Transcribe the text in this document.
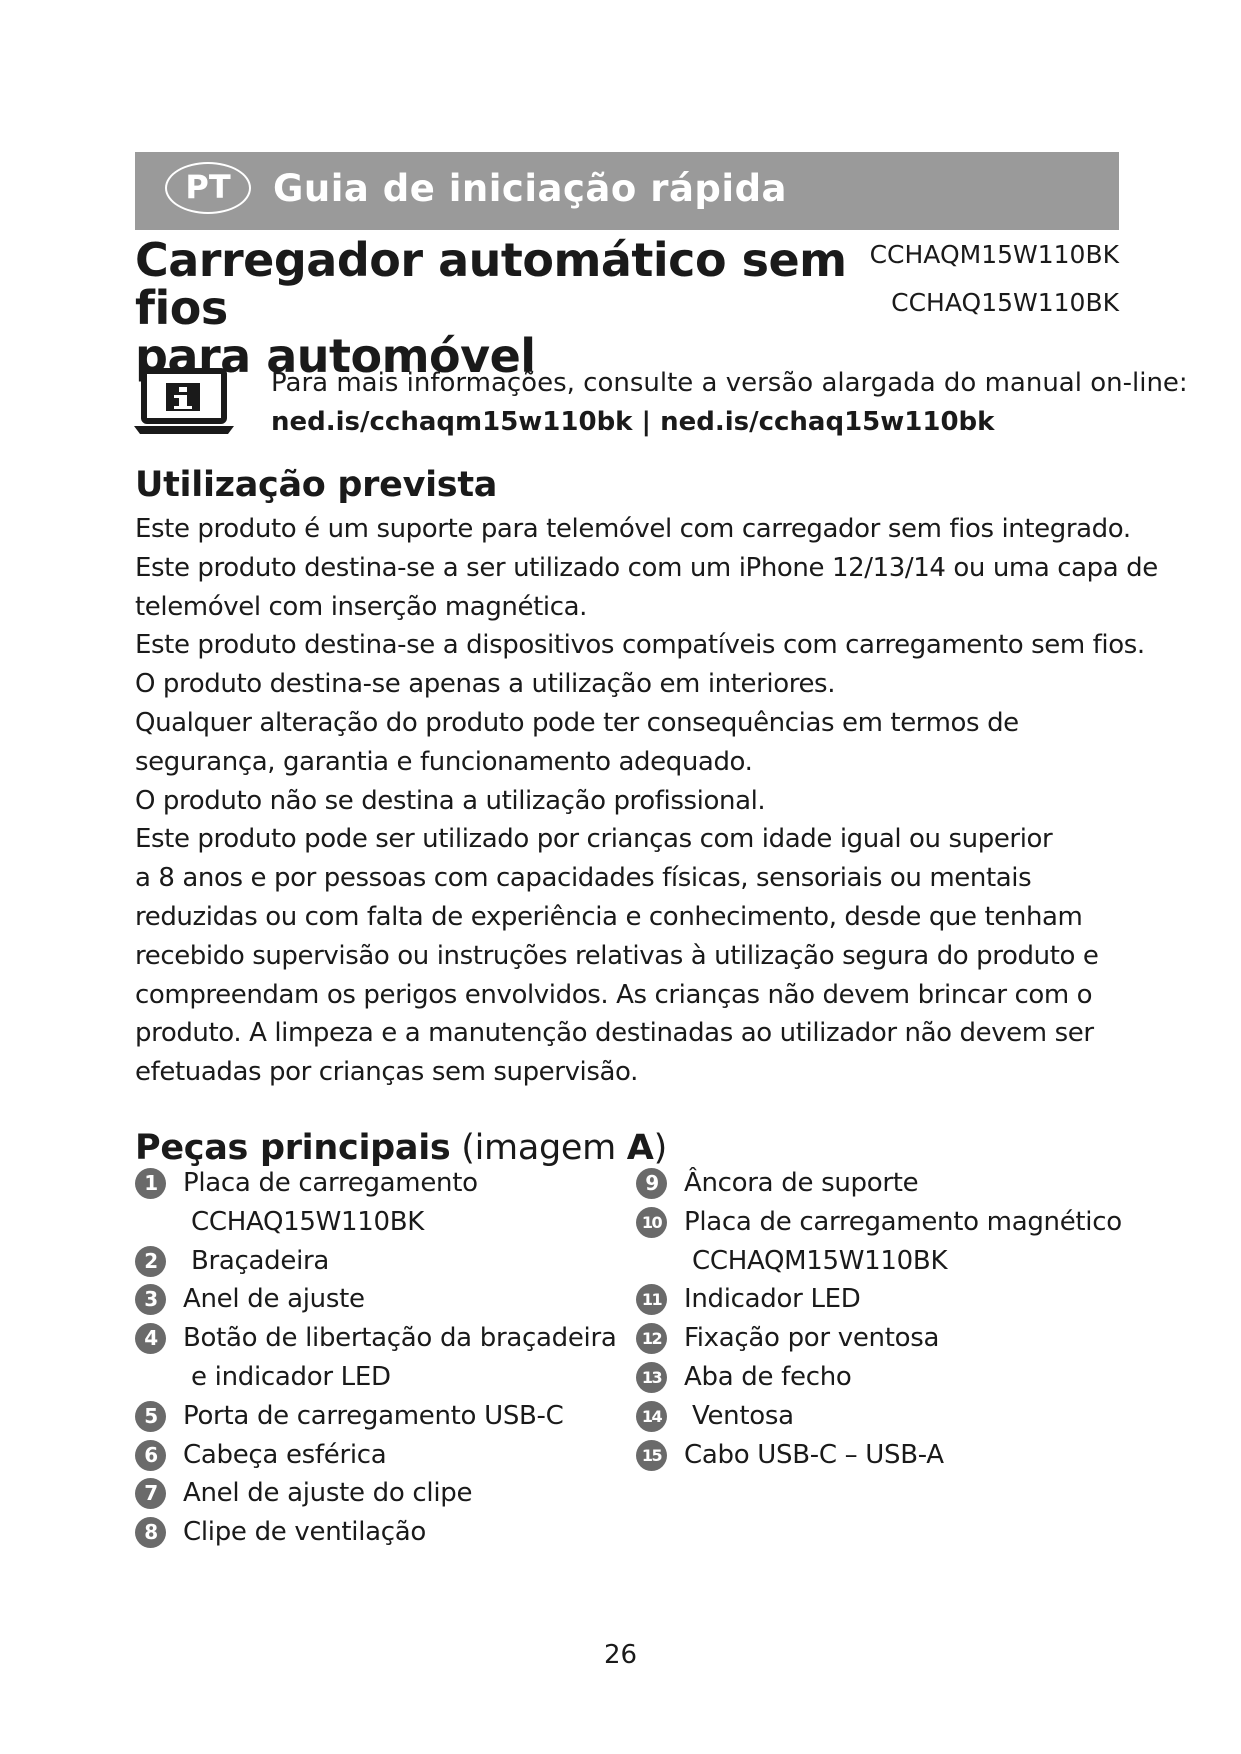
PT	Guia de iniciação rápida
Carregador automático sem fios
para automóvel
CCHAQM15W110BK
CCHAQ15W110BK
Para mais informações, consulte a versão alargada do manual on-line:
ned.is/cchaqm15w110bk | ned.is/cchaq15w110bk
Utilização prevista
Este produto é um suporte para telemóvel com carregador sem fios integrado.
Este produto destina-se a ser utilizado com um iPhone 12/13/14 ou uma capa de
telemóvel com inserção magnética.
Este produto destina-se a dispositivos compatíveis com carregamento sem fios.
O produto destina-se apenas a utilização em interiores.
Qualquer alteração do produto pode ter consequências em termos de
segurança, garantia e funcionamento adequado.
O produto não se destina a utilização profissional.
Este produto pode ser utilizado por crianças com idade igual ou superior
a 8 anos e por pessoas com capacidades físicas, sensoriais ou mentais
reduzidas ou com falta de experiência e conhecimento, desde que tenham
recebido supervisão ou instruções relativas à utilização segura do produto e
compreendam os perigos envolvidos. As crianças não devem brincar com o
produto. A limpeza e a manutenção destinadas ao utilizador não devem ser
efetuadas por crianças sem supervisão.
Peças principais (imagem A)
1	Placa de carregamento
CCHAQ15W110BK
2	Braçadeira
3	Anel de ajuste
4	Botão de libertação da braçadeira
e indicador LED
5	Porta de carregamento USB-C
6	Cabeça esférica
7	Anel de ajuste do clipe
8	Clipe de ventilação
9	Âncora de suporte
10 Placa de carregamento magnético
CCHAQM15W110BK
11 Indicador LED
12 Fixação por ventosa
13 Aba de fecho
14 Ventosa
15 Cabo USB-C – USB-A
26
